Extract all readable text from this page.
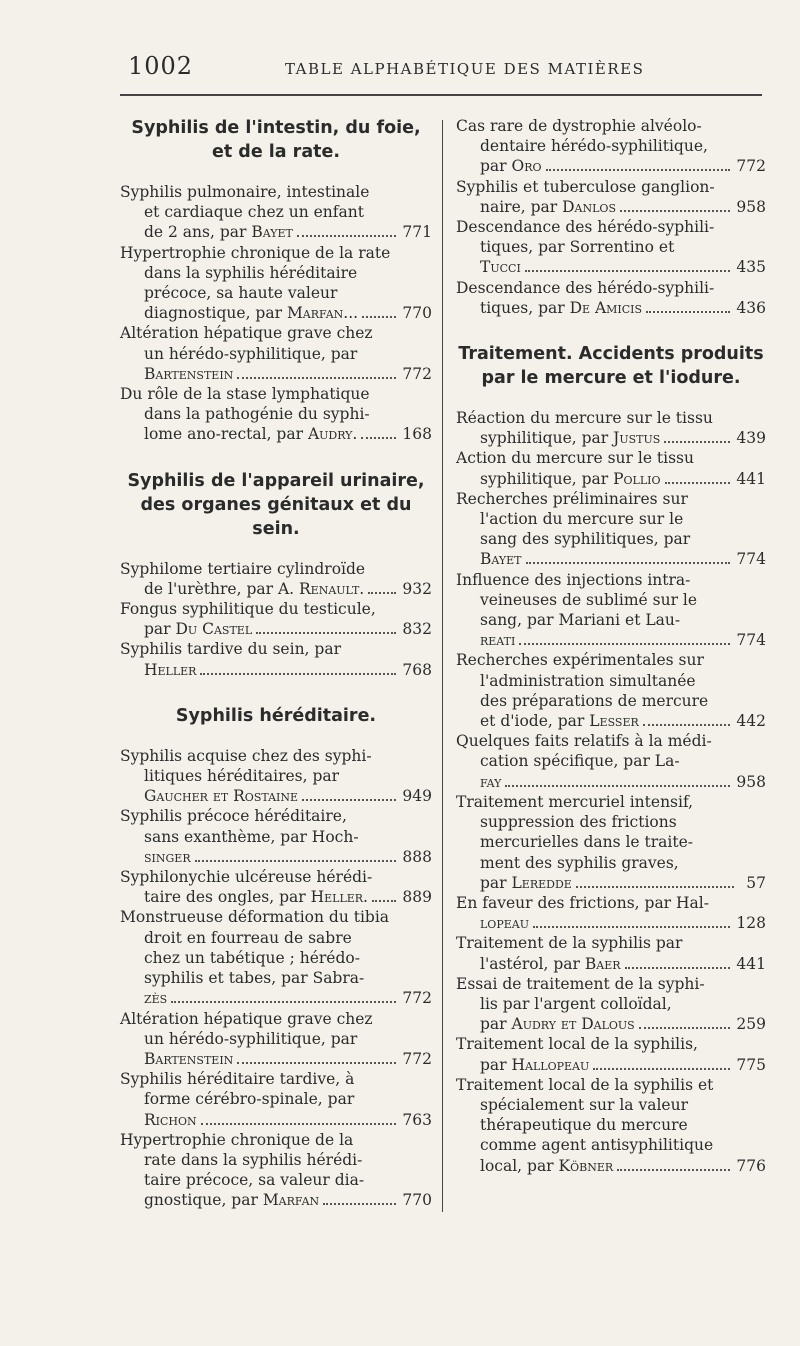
1002	TABLE ALPHABÉTIQUE DES MATIÈRES
Syphilis de l'intestin, du foie, et de la rate.
Syphilis pulmonaire, intestinale
et cardiaque chez un enfant
de 2 ans, par Bayet	771
Hypertrophie chronique de la rate
dans la syphilis héréditaire
précoce, sa haute valeur
diagnostique, par Marfan...	770
Altération hépatique grave chez
un hérédo-syphilitique, par
Bartenstein	772
Du rôle de la stase lymphatique
dans la pathogénie du syphi-
lome ano-rectal, par Audry.	168
Syphilis de l'appareil urinaire, des organes génitaux et du sein.
Syphilome tertiaire cylindroïde
de l'urèthre, par A. Renault. 932
Fongus syphilitique du testicule,
par Du Castel	832
Syphilis tardive du sein, par
Heller	768
Syphilis héréditaire.
Syphilis acquise chez des syphi-
litiques héréditaires, par
Gaucher et Rostaine	949
Syphilis précoce héréditaire,
sans exanthème, par Hoch-
singer	888
Syphilonychie ulcéreuse hérédi-
taire des ongles, par Heller. 889
Monstrueuse déformation du tibia
droit en fourreau de sabre
chez un tabétique ; hérédo-
syphilis et tabes, par Sabra-
zès	772
Altération hépatique grave chez
un hérédo-syphilitique, par
Bartenstein	772
Syphilis héréditaire tardive, à
forme cérébro-spinale, par
Richon	763
Hypertrophie chronique de la
rate dans la syphilis hérédi-
taire précoce, sa valeur dia-
gnostique, par Marfan	770
Cas rare de dystrophie alvéolo-
dentaire hérédo-syphilitique,
par Oro	772
Syphilis et tuberculose ganglion-
naire, par Danlos	958
Descendance des hérédo-syphili-
tiques, par Sorrentino et
Tucci	435
Descendance des hérédo-syphili-
tiques, par De Amicis	436
Traitement. Accidents produits par le mercure et l'iodure.
Réaction du mercure sur le tissu
syphilitique, par Justus	439
Action du mercure sur le tissu
syphilitique, par Pollio	441
Recherches préliminaires sur
l'action du mercure sur le
sang des syphilitiques, par
Bayet	774
Influence des injections intra-
veineuses de sublimé sur le
sang, par Mariani et Lau-
reati	774
Recherches expérimentales sur
l'administration simultanée
des préparations de mercure
et d'iode, par Lesser	442
Quelques faits relatifs à la médi-
cation spécifique, par La-
fay	958
Traitement mercuriel intensif,
suppression des frictions
mercurielles dans le traite-
ment des syphilis graves,
par Leredde	57
En faveur des frictions, par Hal-
lopeau	128
Traitement de la syphilis par
l'astérol, par Baer	441
Essai de traitement de la syphi-
lis par l'argent colloïdal,
par Audry et Dalous	259
Traitement local de la syphilis,
par Hallopeau	775
Traitement local de la syphilis et
spécialement sur la valeur
thérapeutique du mercure
comme agent antisyphilitique
local, par Köbner	776
